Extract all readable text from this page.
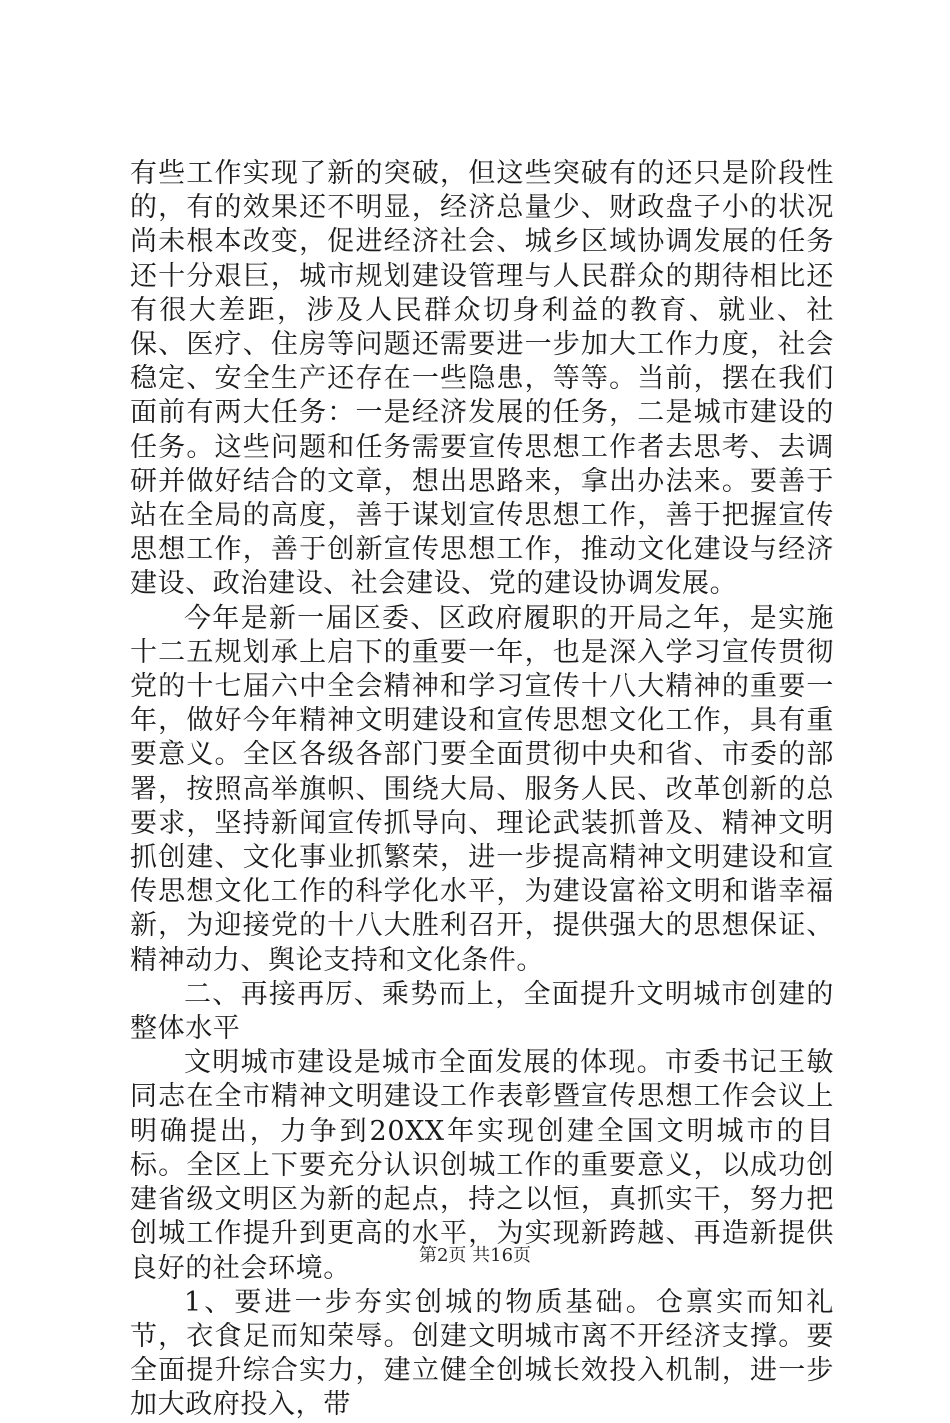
有些工作实现了新的突破，但这些突破有的还只是阶段性的，有的效果还不明显，经济总量少、财政盘子小的状况尚未根本改变，促进经济社会、城乡区域协调发展的任务还十分艰巨，城市规划建设管理与人民群众的期待相比还有很大差距，涉及人民群众切身利益的教育、就业、社保、医疗、住房等问题还需要进一步加大工作力度，社会稳定、安全生产还存在一些隐患，等等。当前，摆在我们面前有两大任务：一是经济发展的任务，二是城市建设的任务。这些问题和任务需要宣传思想工作者去思考、去调研并做好结合的文章，想出思路来，拿出办法来。要善于站在全局的高度，善于谋划宣传思想工作，善于把握宣传思想工作，善于创新宣传思想工作，推动文化建设与经济建设、政治建设、社会建设、党的建设协调发展。

今年是新一届区委、区政府履职的开局之年，是实施十二五规划承上启下的重要一年，也是深入学习宣传贯彻党的十七届六中全会精神和学习宣传十八大精神的重要一年，做好今年精神文明建设和宣传思想文化工作，具有重要意义。全区各级各部门要全面贯彻中央和省、市委的部署，按照高举旗帜、围绕大局、服务人民、改革创新的总要求，坚持新闻宣传抓导向、理论武装抓普及、精神文明抓创建、文化事业抓繁荣，进一步提高精神文明建设和宣传思想文化工作的科学化水平，为建设富裕文明和谐幸福新，为迎接党的十八大胜利召开，提供强大的思想保证、精神动力、舆论支持和文化条件。

二、再接再厉、乘势而上，全面提升文明城市创建的整体水平

文明城市建设是城市全面发展的体现。市委书记王敏同志在全市精神文明建设工作表彰暨宣传思想工作会议上明确提出，力争到20XX年实现创建全国文明城市的目标。全区上下要充分认识创城工作的重要意义，以成功创建省级文明区为新的起点，持之以恒，真抓实干，努力把创城工作提升到更高的水平，为实现新跨越、再造新提供良好的社会环境。

1、要进一步夯实创城的物质基础。仓禀实而知礼节，衣食足而知荣辱。创建文明城市离不开经济支撑。要全面提升综合实力，建立健全创城长效投入机制，进一步加大政府投入，带

第2页 共16页
